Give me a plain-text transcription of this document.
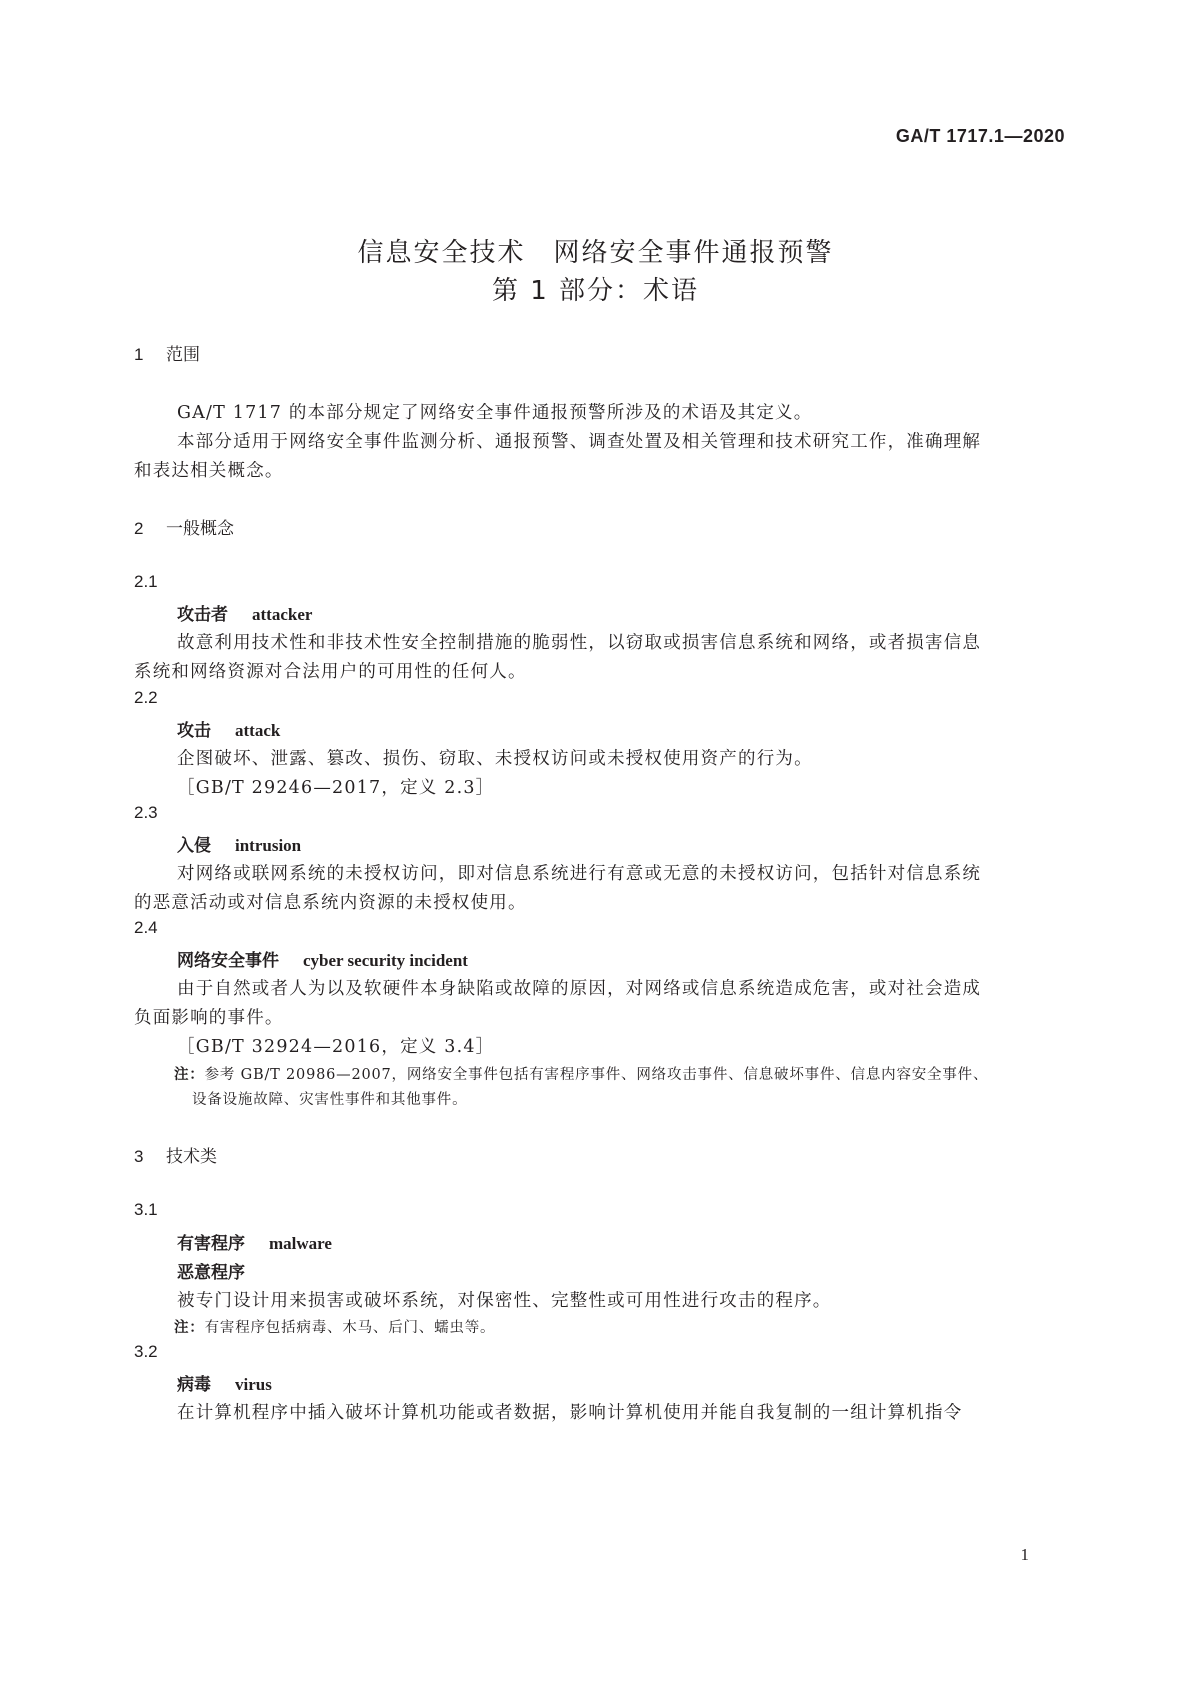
GA/T 1717.1—2020
信息安全技术　网络安全事件通报预警
第 1 部分：术语
1 范围
GA/T 1717 的本部分规定了网络安全事件通报预警所涉及的术语及其定义。
本部分适用于网络安全事件监测分析、通报预警、调查处置及相关管理和技术研究工作，准确理解
和表达相关概念。
2 一般概念
2.1
攻击者 attacker
故意利用技术性和非技术性安全控制措施的脆弱性，以窃取或损害信息系统和网络，或者损害信息
系统和网络资源对合法用户的可用性的任何人。
2.2
攻击 attack
企图破坏、泄露、篡改、损伤、窃取、未授权访问或未授权使用资产的行为。
［GB/T 29246—2017，定义 2.3］
2.3
入侵 intrusion
对网络或联网系统的未授权访问，即对信息系统进行有意或无意的未授权访问，包括针对信息系统
的恶意活动或对信息系统内资源的未授权使用。
2.4
网络安全事件 cyber security incident
由于自然或者人为以及软硬件本身缺陷或故障的原因，对网络或信息系统造成危害，或对社会造成
负面影响的事件。
［GB/T 32924—2016，定义 3.4］
注：参考 GB/T 20986—2007，网络安全事件包括有害程序事件、网络攻击事件、信息破坏事件、信息内容安全事件、
设备设施故障、灾害性事件和其他事件。
3 技术类
3.1
有害程序 malware
恶意程序
被专门设计用来损害或破坏系统，对保密性、完整性或可用性进行攻击的程序。
注：有害程序包括病毒、木马、后门、蠕虫等。
3.2
病毒 virus
在计算机程序中插入破坏计算机功能或者数据，影响计算机使用并能自我复制的一组计算机指令
1
